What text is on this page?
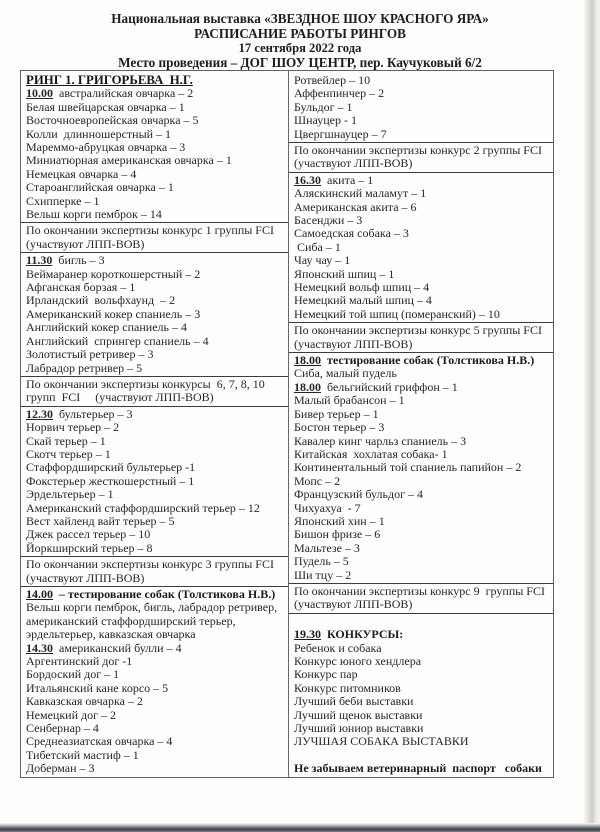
Национальная выставка «ЗВЕЗДНОЕ ШОУ КРАСНОГО ЯРА»
РАСПИСАНИЕ РАБОТЫ РИНГОВ
17 сентября 2022 года
Место проведения – ДОГ ШОУ ЦЕНТР, пер. Каучуковый 6/2
РИНГ 1. ГРИГОРЬЕВА  Н.Г.
10.00  австралийская овчарка – 2
Белая швейцарская овчарка – 1
Восточноевропейская овчарка – 5
Колли  длинношерстный – 1
Мареммо-абруцкая овчарка – 3
Миниатюрная американская овчарка – 1
Немецкая овчарка – 4
Староанглийская овчарка – 1
Схипперке – 1
Вельш корги пемброк – 14
По окончании экспертизы конкурс 1 группы FCI
(участвуют ЛПП-ВОВ)
11.30  бигль – 3
Веймаранер короткошерстный – 2
Афганская борзая – 1
Ирландский  вольфхаунд  – 2
Американский кокер спаниель – 3
Английский кокер спаниель – 4
Английский  спрингер спаниель – 4
Золотистый ретривер – 3
Лабрадор ретривер – 5
По окончании экспертизы конкурсы  6, 7, 8, 10
групп  FCI     (участвуют ЛПП-ВОВ)
12.30  бультерьер – 3
Норвич терьер – 2
Скай терьер – 1
Скотч терьер – 1
Стаффордширский бультерьер -1
Фокстерьер жесткошерстный – 1
Эрдельтерьер – 1
Американский стаффордширский терьер – 12
Вест хайленд вайт терьер – 5
Джек рассел терьер – 10
Йоркширский терьер – 8
По окончании экспертизы конкурс 3 группы FCI
(участвуют ЛПП-ВОВ)
14.00  – тестирование собак (Толстикова Н.В.)
Вельш корги пемброк, бигль, лабрадор ретривер,
американский стаффордширский терьер,
эрдельтерьер, кавказская овчарка
14.30  американский булли – 4
Аргентинский дог -1
Бордоский дог – 1
Итальянский кане корсо – 5
Кавказская овчарка – 2
Немецкий дог – 2
Сенбернар – 4
Среднеазиатская овчарка – 4
Тибетский мастиф – 1
Доберман – 3
Ротвейлер – 10
Аффенпинчер – 2
Бульдог – 1
Шнауцер - 1
Цвергшнауцер – 7
По окончании экспертизы конкурс 2 группы FCI
(участвуют ЛПП-ВОВ)
16.30  акита – 1
Аляскинский маламут – 1
Американская акита – 6
Басенджи – 3
Самоедская собака – 3
Сиба – 1
Чау чау – 1
Японский шпиц – 1
Немецкий вольф шпиц – 4
Немецкий малый шпиц – 4
Немецкий той шпиц (померанский) – 10
По окончании экспертизы конкурс 5 группы FCI
(участвуют ЛПП-ВОВ)
18.00  тестирование собак (Толстикова Н.В.)
Сиба, малый пудель
18.00  бельгийский гриффон – 1
Малый брабансон – 1
Бивер терьер – 1
Бостон терьер – 3
Кавалер кинг чарльз спаниель – 3
Китайская  хохлатая собака- 1
Континентальный той спаниель папийон – 2
Мопс – 2
Французский бульдог – 4
Чихуахуа  - 7
Японский хин – 1
Бишон фризе – 6
Мальтезе – 3
Пудель – 5
Ши тцу – 2
По окончании экспертизы конкурс 9  группы FCI
(участвуют ЛПП-ВОВ)
19.30  КОНКУРСЫ:
Ребенок и собака
Конкурс юного хендлера
Конкурс пар
Конкурс питомников
Лучший беби выставки
Лучший щенок выставки
Лучший юниор выставки
ЛУЧШАЯ СОБАКА ВЫСТАВКИ
Не забываем ветеринарный  паспорт   собаки
